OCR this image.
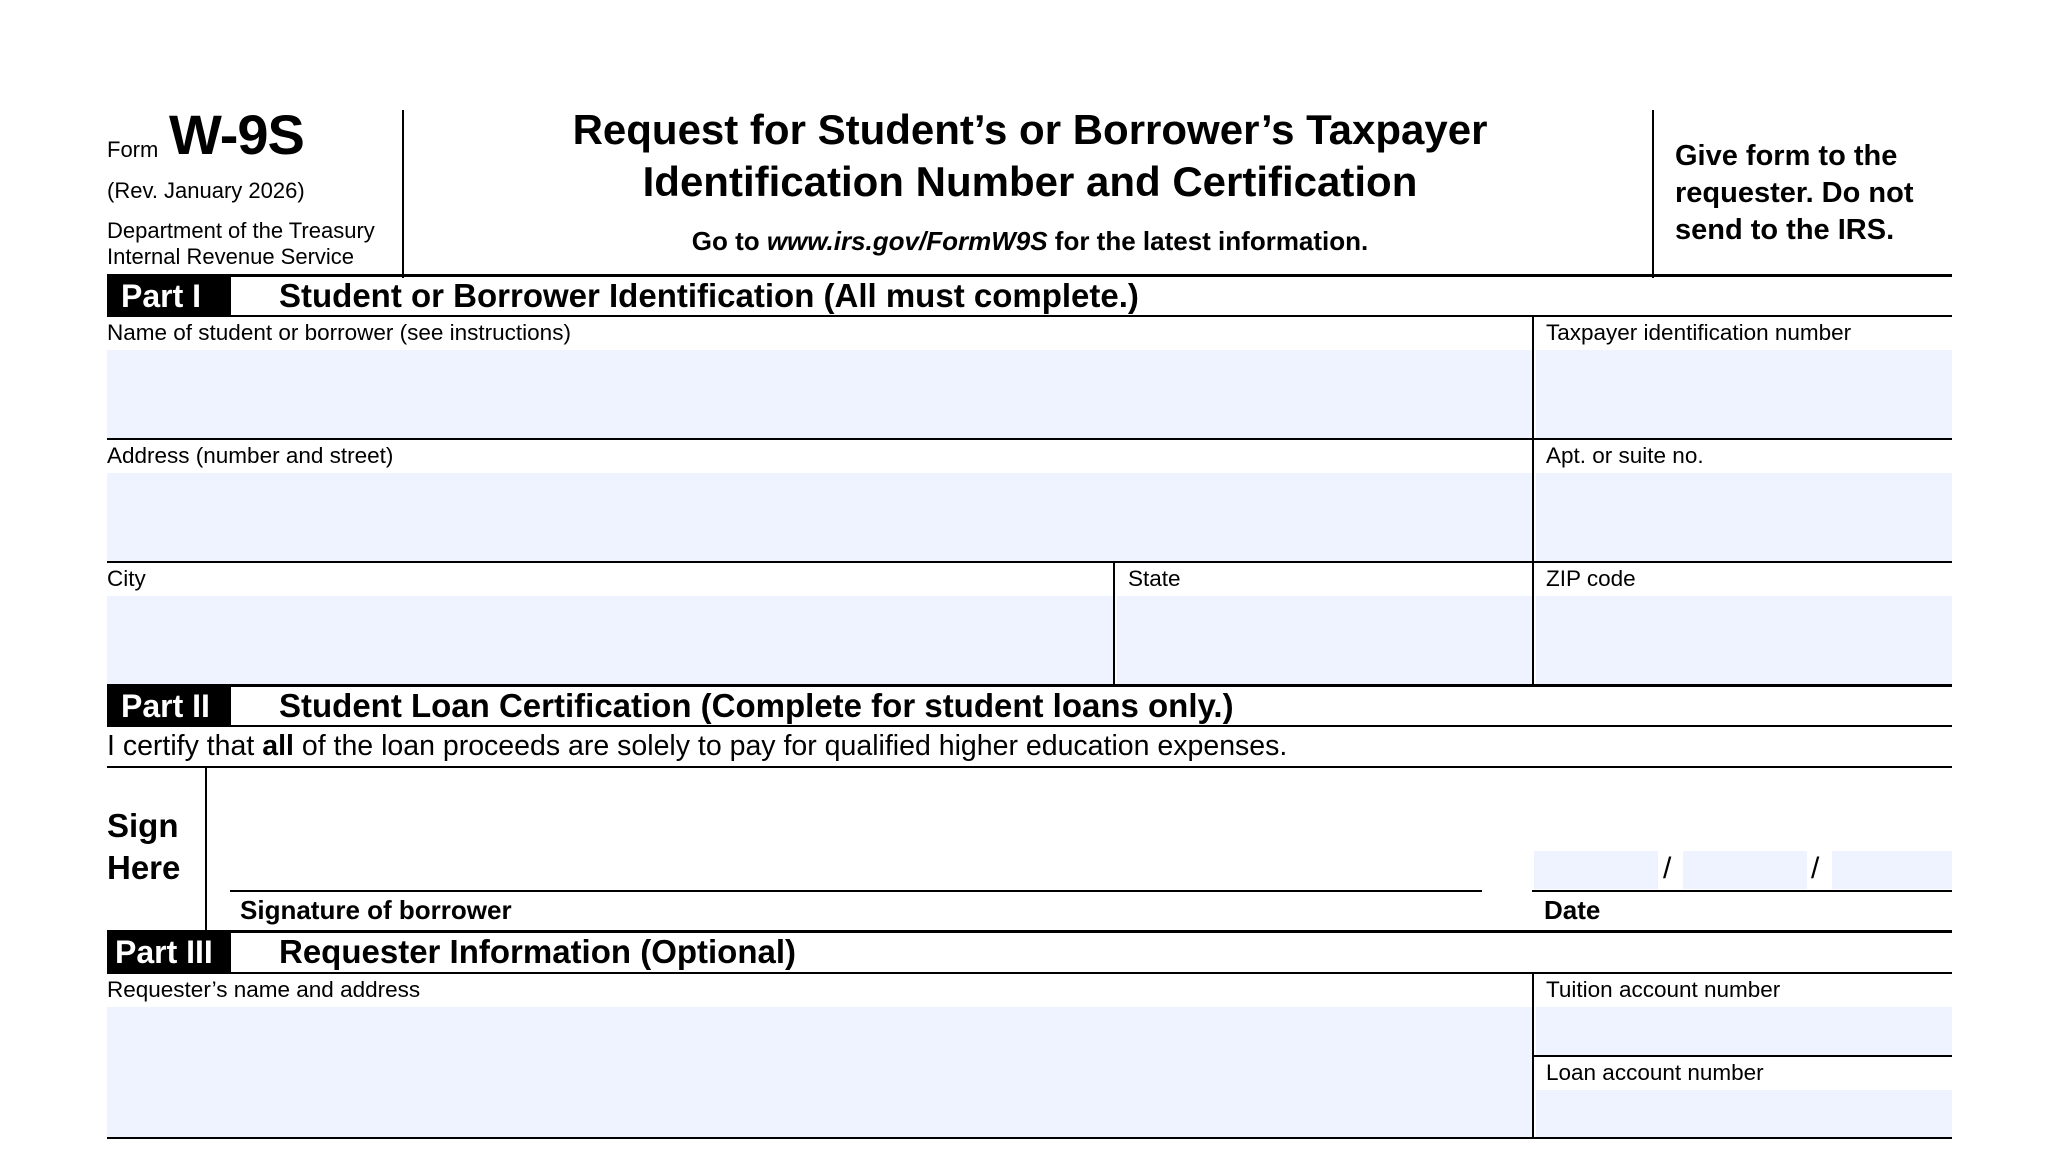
Form W-9S
(Rev. January 2026)
Department of the Treasury
Internal Revenue Service
Request for Student’s or Borrower’s Taxpayer
Identification Number and Certification
Go to www.irs.gov/FormW9S for the latest information.
Give form to the
requester. Do not
send to the IRS.
Part I	Student or Borrower Identification (All must complete.)
Name of student or borrower (see instructions)	Taxpayer identification number
Address (number and street)	Apt. or suite no.
City	State	ZIP code
Part II	Student Loan Certification (Complete for student loans only.)
I certify that all of the loan proceeds are solely to pay for qualified higher education expenses.
Sign
Here
Signature of borrower
/	/
Date
Part III	Requester Information (Optional)
Requester’s name and address	Tuition account number
Loan account number
